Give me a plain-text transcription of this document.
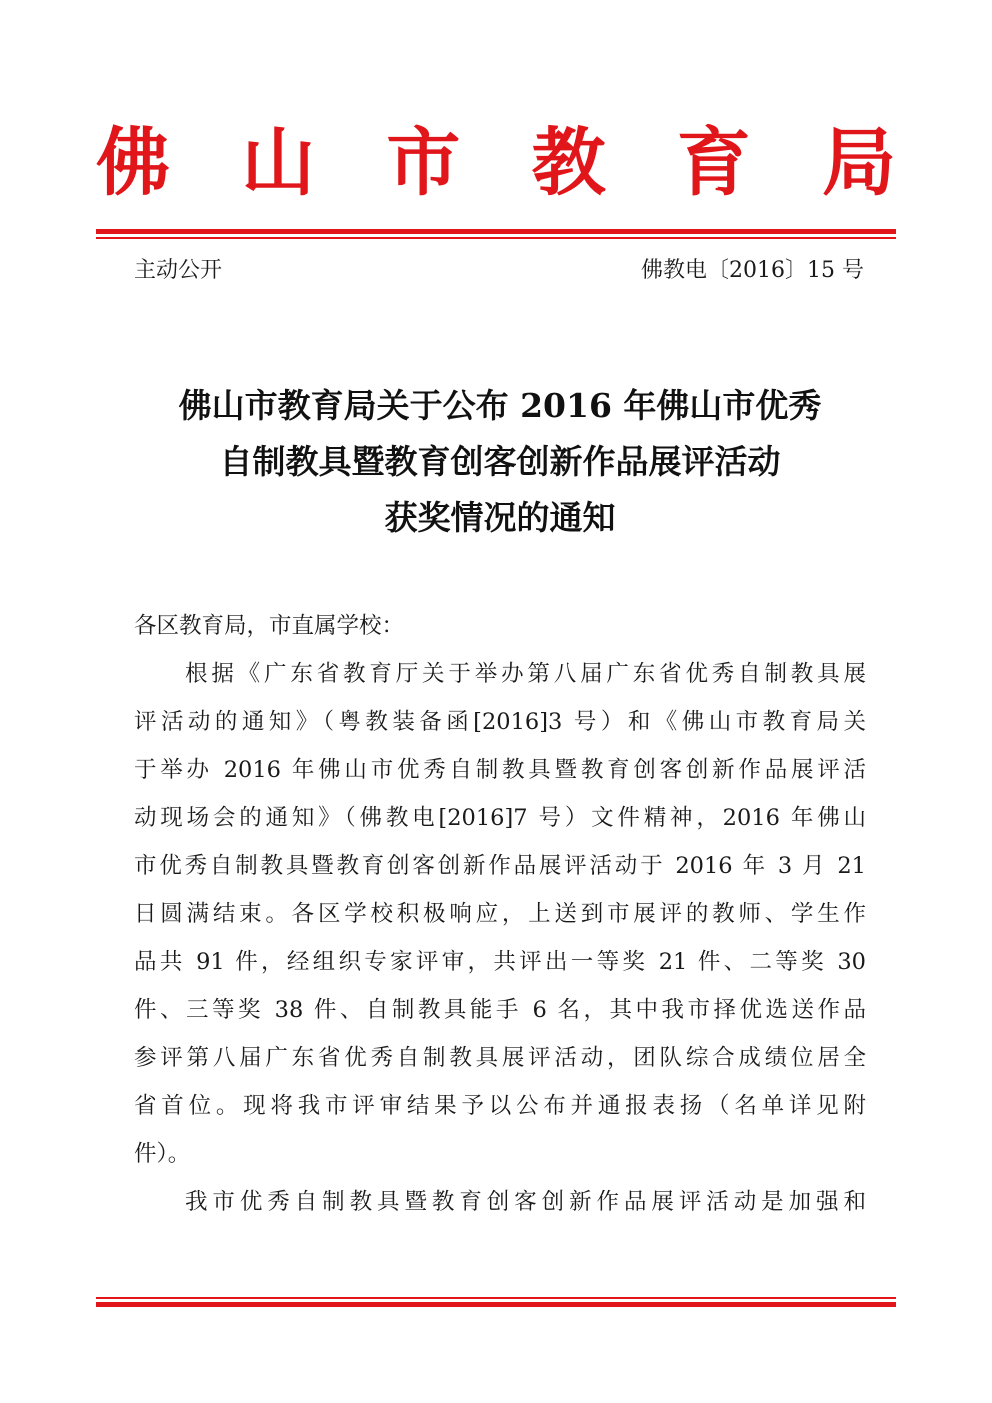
佛 山 市 教 育 局
主动公开	佛教电〔2016〕15 号
佛山市教育局关于公布 2016 年佛山市优秀
自制教具暨教育创客创新作品展评活动
获奖情况的通知
各区教育局，市直属学校：
根据《广东省教育厅关于举办第八届广东省优秀自制教具展
评活动的通知》（粤教装备函[2016]3 号）和《佛山市教育局关
于举办 2016 年佛山市优秀自制教具暨教育创客创新作品展评活
动现场会的通知》（佛教电[2016]7 号）文件精神，2016 年佛山
市优秀自制教具暨教育创客创新作品展评活动于 2016 年 3 月 21
日圆满结束。各区学校积极响应，上送到市展评的教师、学生作
品共 91 件，经组织专家评审，共评出一等奖 21 件、二等奖 30
件、三等奖 38 件、自制教具能手 6 名，其中我市择优选送作品
参评第八届广东省优秀自制教具展评活动，团队综合成绩位居全
省首位。现将我市评审结果予以公布并通报表扬（名单详见附
件）。
我市优秀自制教具暨教育创客创新作品展评活动是加强和
